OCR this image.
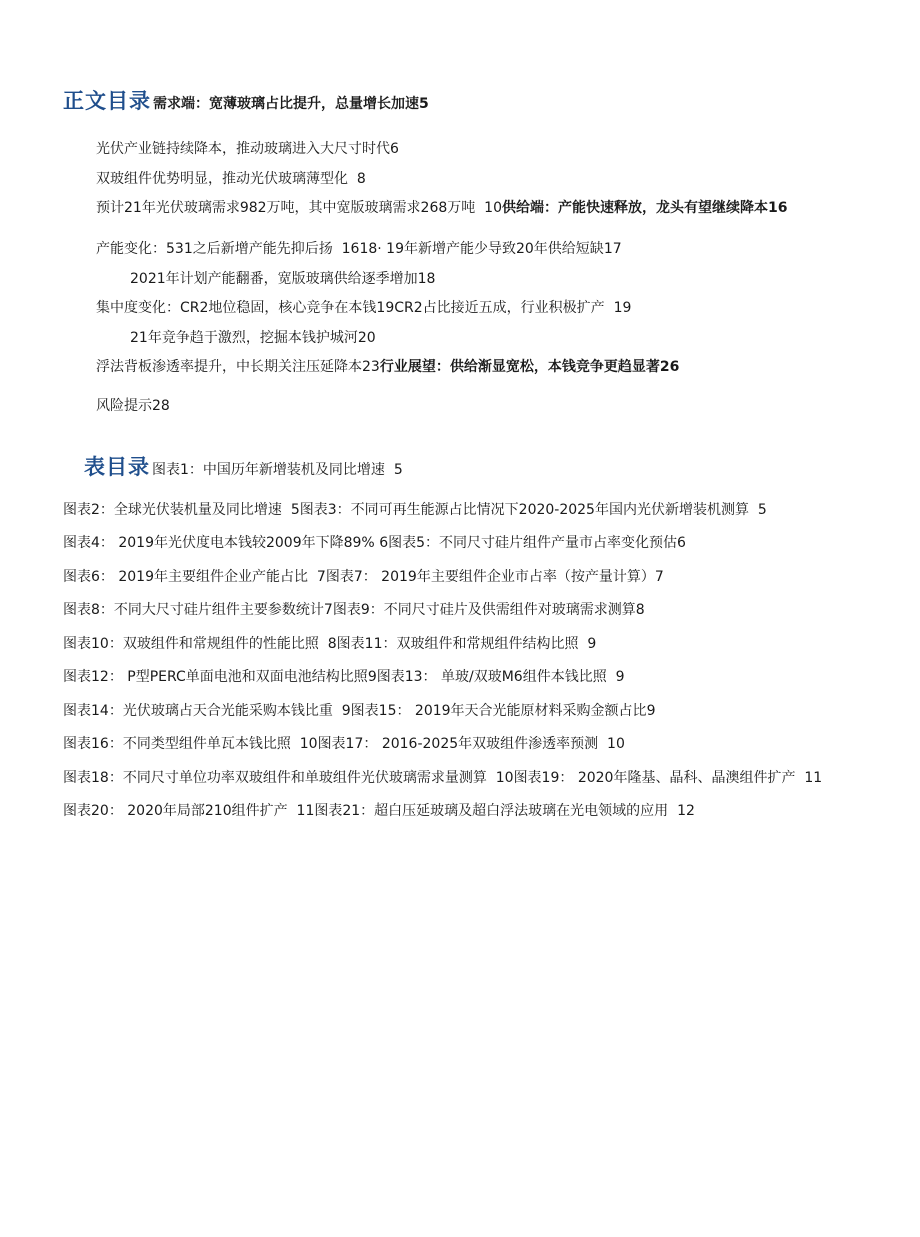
正文目录 需求端：宽薄玻璃占比提升，总量增长加速5
光伏产业链持续降本，推动玻璃进入大尺寸时代6
双玻组件优势明显，推动光伏玻璃薄型化 8
预计21年光伏玻璃需求982万吨，其中宽版玻璃需求268万吨 10供给端：产能快速释放，龙头有望继续降本16
产能变化：531之后新增产能先抑后扬 1618· 19年新增产能少导致20年供给短缺17
2021年计划产能翻番，宽版玻璃供给逐季增加18
集中度变化：CR2地位稳固，核心竞争在本钱19CR2占比接近五成，行业积极扩产 19
21年竞争趋于激烈，挖掘本钱护城河20
浮法背板渗透率提升，中长期关注压延降本23行业展望：供给渐显宽松，本钱竞争更趋显著26
风险提示28
表目录 图表1：中国历年新增装机及同比增速 5
图表2：全球光伏装机量及同比增速 5图表3：不同可再生能源占比情况下2020-2025年国内光伏新增装机测算 5
图表4： 2019年光伏度电本钱较2009年下降89% 6图表5：不同尺寸硅片组件产量市占率变化预估6
图表6： 2019年主要组件企业产能占比 7图表7： 2019年主要组件企业市占率（按产量计算）7
图表8：不同大尺寸硅片组件主要参数统计7图表9：不同尺寸硅片及供需组件对玻璃需求测算8
图表10：双玻组件和常规组件的性能比照 8图表11：双玻组件和常规组件结构比照 9
图表12： P型PERC单面电池和双面电池结构比照9图表13： 单玻/双玻M6组件本钱比照 9
图表14：光伏玻璃占天合光能采购本钱比重 9图表15： 2019年天合光能原材料采购金额占比9
图表16：不同类型组件单瓦本钱比照 10图表17： 2016-2025年双玻组件渗透率预测 10
图表18：不同尺寸单位功率双玻组件和单玻组件光伏玻璃需求量测算 10图表19： 2020年隆基、晶科、晶澳组件扩产 11
图表20： 2020年局部210组件扩产 11图表21：超白压延玻璃及超白浮法玻璃在光电领域的应用 12
